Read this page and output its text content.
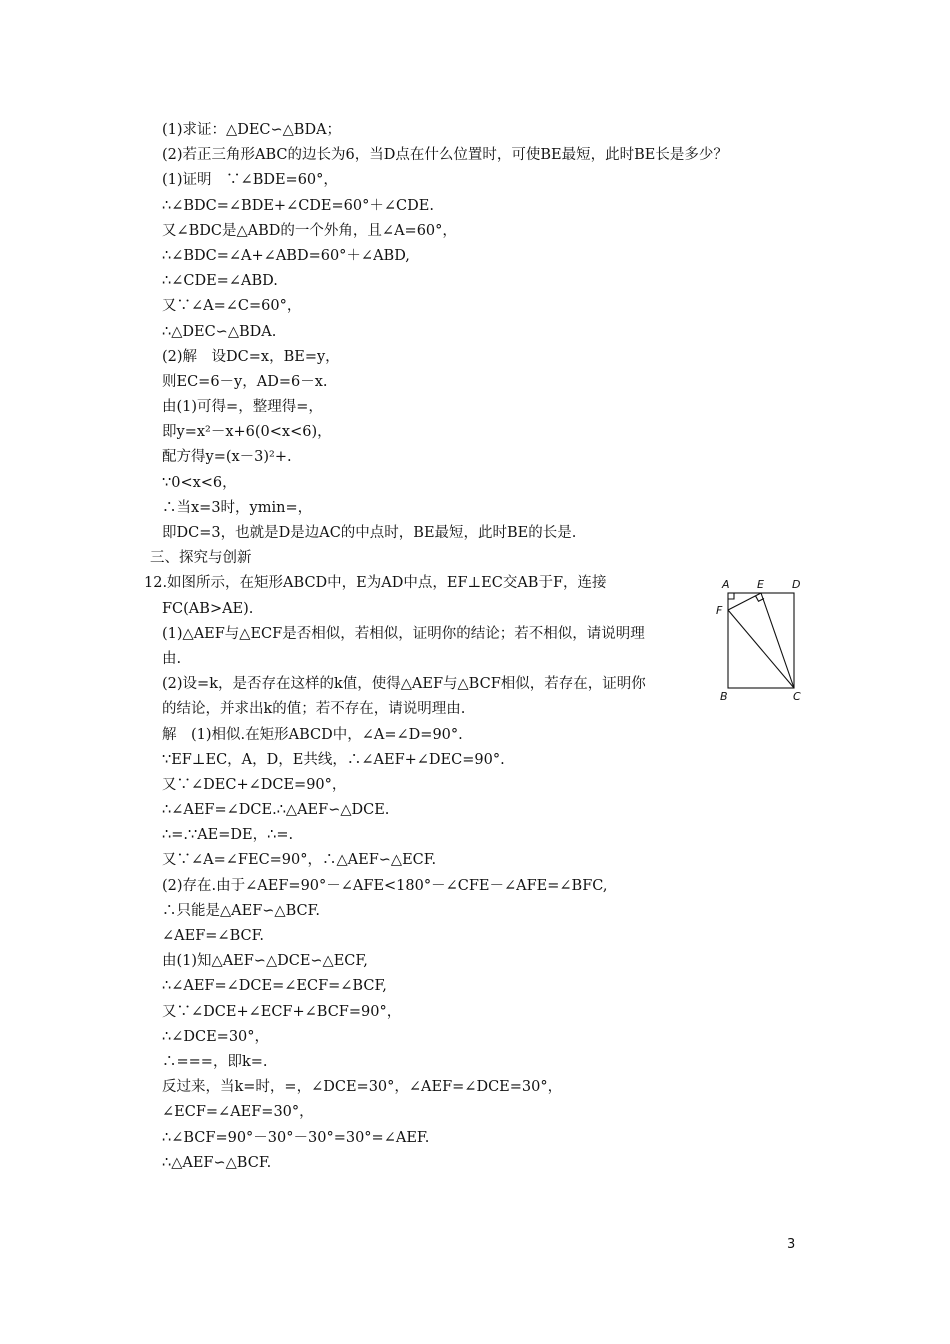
(1)求证：△DEC∽△BDA；
(2)若正三角形ABC的边长为6，当D点在什么位置时，可使BE最短，此时BE长是多少？
(1)证明　∵∠BDE=60°，
∴∠BDC=∠BDE+∠CDE=60°＋∠CDE.
又∠BDC是△ABD的一个外角，且∠A=60°，
∴∠BDC=∠A+∠ABD=60°＋∠ABD,
∴∠CDE=∠ABD.
又∵∠A=∠C=60°，
∴△DEC∽△BDA.
(2)解　设DC=x，BE=y，
则EC=6－y，AD=6－x.
由(1)可得=，整理得=，
即y=x²－x+6(0<x<6)，
配方得y=(x－3)²+.
∵0<x<6，
∴当x=3时，ymin=，
即DC=3，也就是D是边AC的中点时，BE最短，此时BE的长是.
三、探究与创新
12.如图所示，在矩形ABCD中，E为AD中点，EF⊥EC交AB于F，连接
FC(AB>AE).
(1)△AEF与△ECF是否相似，若相似，证明你的结论；若不相似，请说明理
由.
(2)设=k，是否存在这样的k值，使得△AEF与△BCF相似，若存在，证明你
的结论，并求出k的值；若不存在，请说明理由.
解　(1)相似.在矩形ABCD中，∠A=∠D=90°.
∵EF⊥EC，A，D，E共线，∴∠AEF+∠DEC=90°.
又∵∠DEC+∠DCE=90°，
∴∠AEF=∠DCE.∴△AEF∽△DCE.
∴=.∵AE=DE，∴=.
又∵∠A=∠FEC=90°，∴△AEF∽△ECF.
(2)存在.由于∠AEF=90°－∠AFE<180°－∠CFE－∠AFE=∠BFC,
∴只能是△AEF∽△BCF.
∠AEF=∠BCF.
由(1)知△AEF∽△DCE∽△ECF,
∴∠AEF=∠DCE=∠ECF=∠BCF,
又∵∠DCE+∠ECF+∠BCF=90°，
∴∠DCE=30°，
∴===，即k=.
反过来，当k=时，=，∠DCE=30°，∠AEF=∠DCE=30°，
∠ECF=∠AEF=30°，
∴∠BCF=90°－30°－30°=30°=∠AEF.
∴△AEF∽△BCF.
A E	D
F
B	C
3
